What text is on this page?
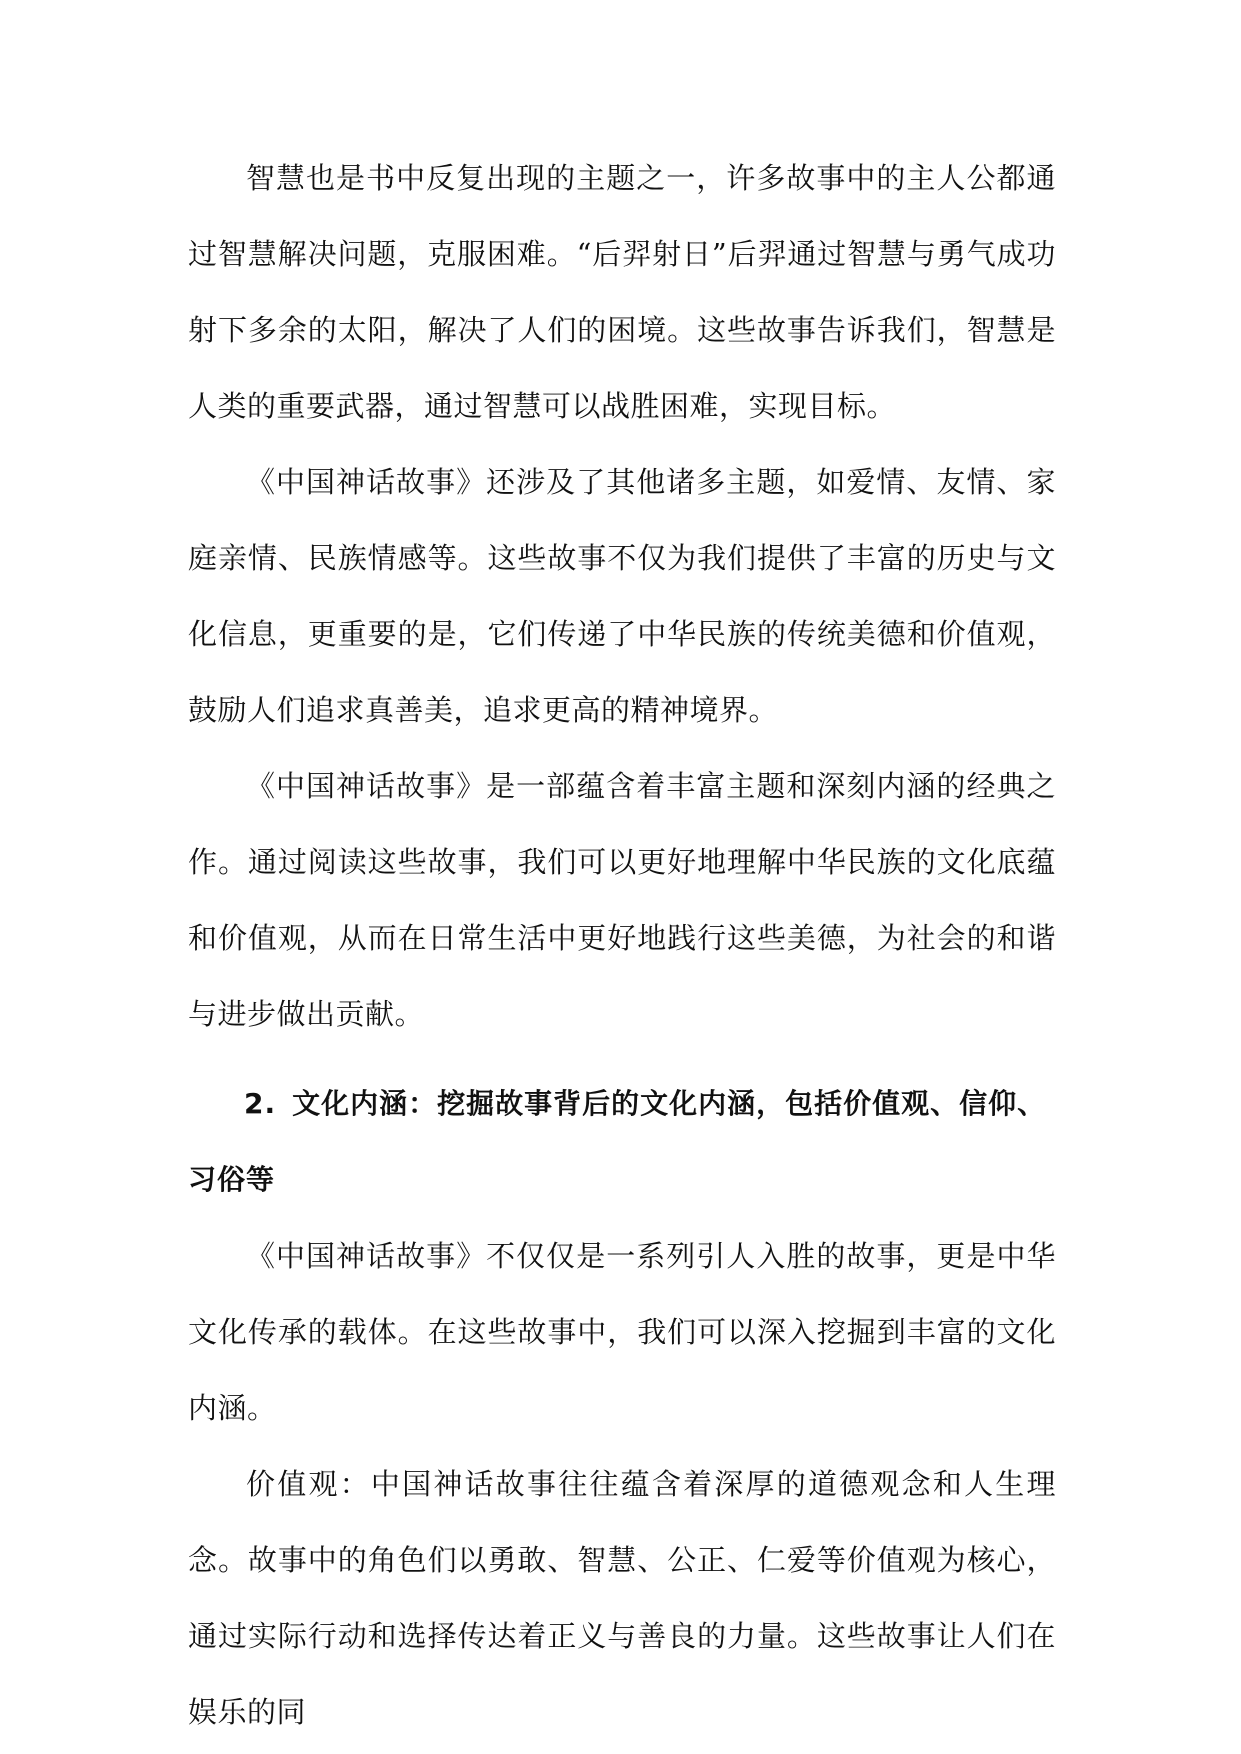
智慧也是书中反复出现的主题之一，许多故事中的主人公都通过智慧解决问题，克服困难。“后羿射日”后羿通过智慧与勇气成功射下多余的太阳，解决了人们的困境。这些故事告诉我们，智慧是人类的重要武器，通过智慧可以战胜困难，实现目标。

《中国神话故事》还涉及了其他诸多主题，如爱情、友情、家庭亲情、民族情感等。这些故事不仅为我们提供了丰富的历史与文化信息，更重要的是，它们传递了中华民族的传统美德和价值观，鼓励人们追求真善美，追求更高的精神境界。

《中国神话故事》是一部蕴含着丰富主题和深刻内涵的经典之作。通过阅读这些故事，我们可以更好地理解中华民族的文化底蕴和价值观，从而在日常生活中更好地践行这些美德，为社会的和谐与进步做出贡献。

2. 文化内涵：挖掘故事背后的文化内涵，包括价值观、信仰、习俗等

《中国神话故事》不仅仅是一系列引人入胜的故事，更是中华文化传承的载体。在这些故事中，我们可以深入挖掘到丰富的文化内涵。

价值观：中国神话故事往往蕴含着深厚的道德观念和人生理念。故事中的角色们以勇敢、智慧、公正、仁爱等价值观为核心，通过实际行动和选择传达着正义与善良的力量。这些故事让人们在娱乐的同
